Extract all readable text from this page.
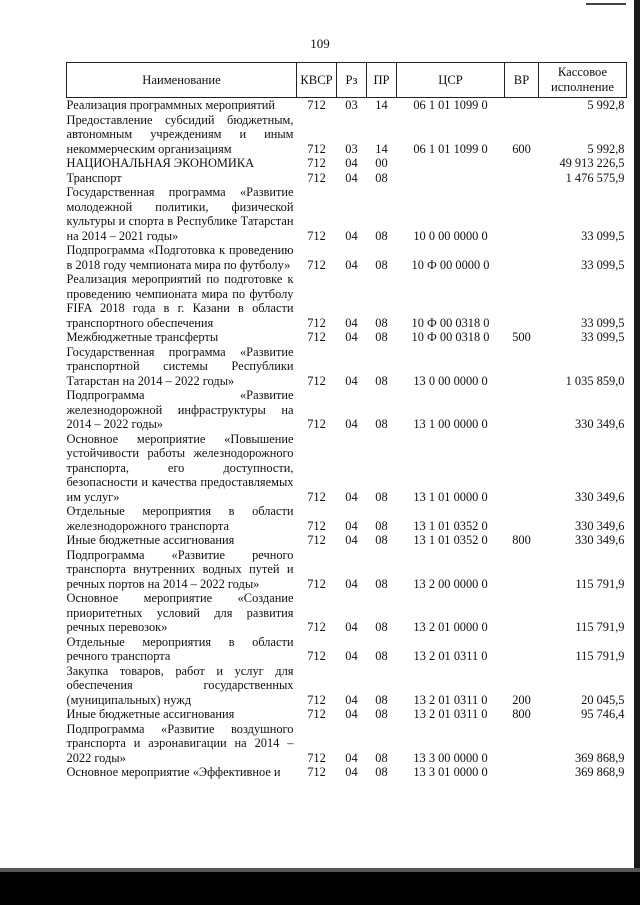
109
Наименование	КВСР	Рз	ПР	ЦСР	ВР	Кассовое исполнение
Реализация программных мероприятий	712	03	14	06 1 01 1099 0		5 992,8
Предоставление субсидий бюджетным, автономным учреждениям и иным некоммерческим организациям	712	03	14	06 1 01 1099 0	600	5 992,8
НАЦИОНАЛЬНАЯ ЭКОНОМИКА	712	04	00			49 913 226,5
Транспорт	712	04	08			1 476 575,9
Государственная программа «Развитие молодежной политики, физической культуры и спорта в Республике Татарстан на 2014 – 2021 годы»	712	04	08	10 0 00 0000 0		33 099,5
Подпрограмма «Подготовка к проведению в 2018 году чемпионата мира по футболу»	712	04	08	10 Ф 00 0000 0		33 099,5
Реализация мероприятий по подготовке к проведению чемпионата мира по футболу FIFA 2018 года в г. Казани в области транспортного обеспечения	712	04	08	10 Ф 00 0318 0		33 099,5
Межбюджетные трансферты	712	04	08	10 Ф 00 0318 0	500	33 099,5
Государственная программа «Развитие транспортной системы Республики Татарстан на 2014 – 2022 годы»	712	04	08	13 0 00 0000 0		1 035 859,0
Подпрограмма «Развитие железнодорожной инфраструктуры на 2014 – 2022 годы»	712	04	08	13 1 00 0000 0		330 349,6
Основное мероприятие «Повышение устойчивости работы железнодорожного транспорта, его доступности, безопасности и качества предоставляемых им услуг»	712	04	08	13 1 01 0000 0		330 349,6
Отдельные мероприятия в области железнодорожного транспорта	712	04	08	13 1 01 0352 0		330 349,6
Иные бюджетные ассигнования	712	04	08	13 1 01 0352 0	800	330 349,6
Подпрограмма «Развитие речного транспорта внутренних водных путей и речных портов на 2014 – 2022 годы»	712	04	08	13 2 00 0000 0		115 791,9
Основное мероприятие «Создание приоритетных условий для развития речных перевозок»	712	04	08	13 2 01 0000 0		115 791,9
Отдельные мероприятия в области речного транспорта	712	04	08	13 2 01 0311 0		115 791,9
Закупка товаров, работ и услуг для обеспечения государственных (муниципальных) нужд	712	04	08	13 2 01 0311 0	200	20 045,5
Иные бюджетные ассигнования	712	04	08	13 2 01 0311 0	800	95 746,4
Подпрограмма «Развитие воздушного транспорта и аэронавигации на 2014 – 2022 годы»	712	04	08	13 3 00 0000 0		369 868,9
Основное мероприятие «Эффективное и	712	04	08	13 3 01 0000 0		369 868,9
